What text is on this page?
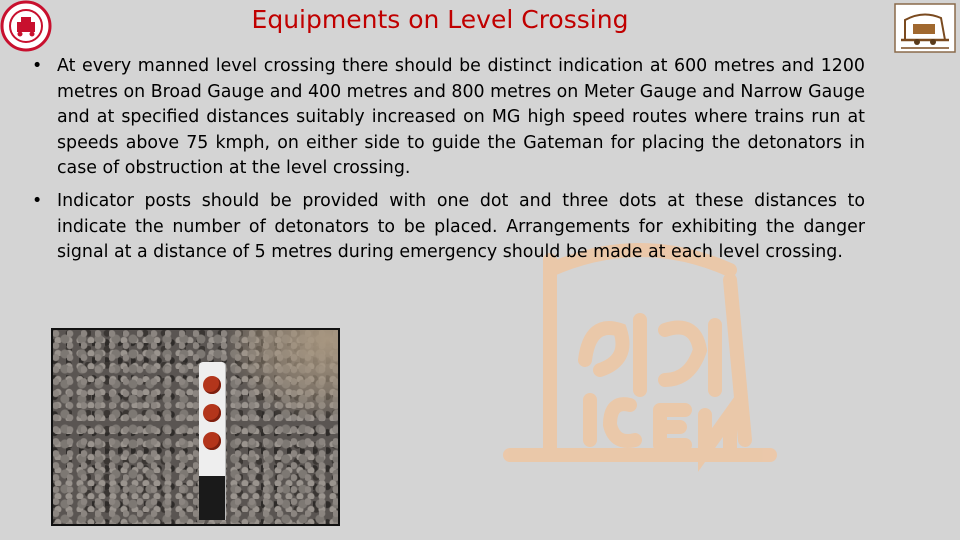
Equipments on Level Crossing
• At every manned level crossing there should be distinct indication at 600 metres and 1200 metres on Broad Gauge and 400 metres and 800 metres on Meter Gauge and Narrow Gauge and at specified distances suitably increased on MG high speed routes where trains run at speeds above 75 kmph, on either side to guide the Gateman for placing the detonators in case of obstruction at the level crossing.
• Indicator posts should be provided with one dot and three dots at these distances to indicate the number of detonators to be placed. Arrangements for exhibiting the danger signal at a distance of 5 metres during emergency should be made at each level crossing.
